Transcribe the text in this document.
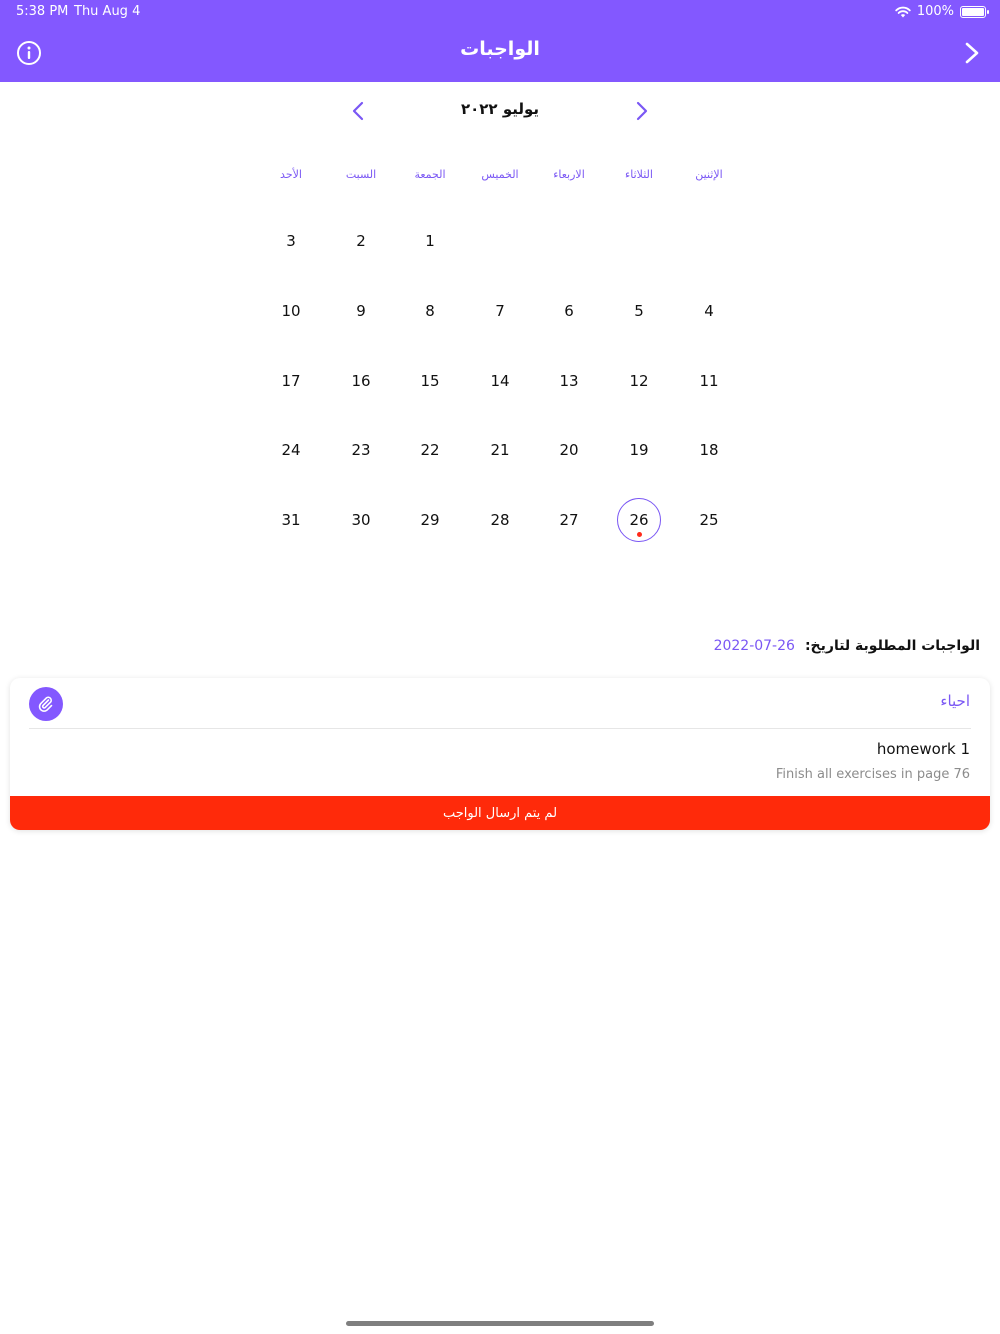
5:38 PM Thu Aug 4	100%
الواجبات
يوليو ٢٠٢٢
الإثنين
الثلاثاء
الاربعاء
الخميس
الجمعة
السبت
الأحد
1
2
3
4
5
6
7
8
9
10
11
12
13
14
15
16
17
18
19
20
21
22
23
24
25
26
27
28
29
30
31
الواجبات المطلوبة لتاريخ:
2022-07-26
احياء
homework 1
Finish all exercises in page 76
لم يتم ارسال الواجب
